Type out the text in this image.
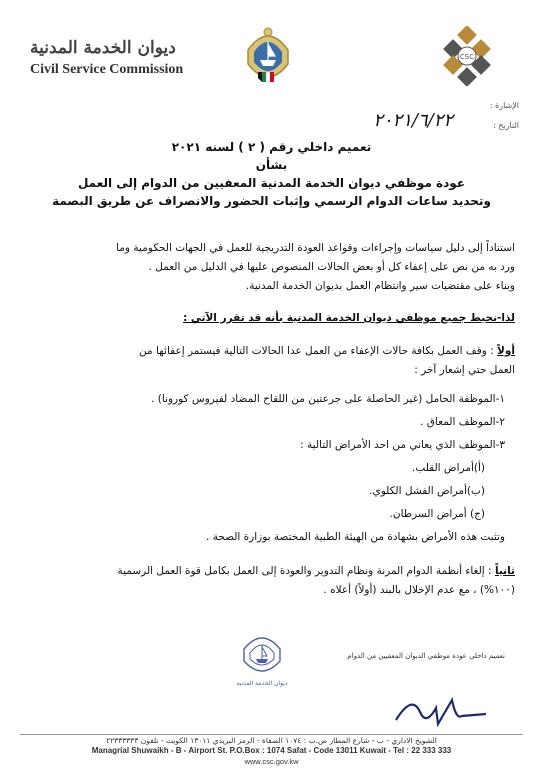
ديوان الخدمة المدنية
Civil Service Commission
CSC
الإشارة :
التاريخ :
٢٠٢١/٦/٢٢
تعميم داخلي رقم ( ٢ ) لسنه ٢٠٢١
بشأن
عودة موظفي ديوان الخدمة المدنية المعفيين من الدوام إلى العمل
وتحديد ساعات الدوام الرسمي وإثبات الحضور والانصراف عن طريق البصمة
استناداً إلى دليل سياسات وإجراءات وقواعد العودة التدريجية للعمل في الجهات الحكومية وما
ورد به من نص على إعفاء كل أو بعض الحالات المنصوص عليها في الدليل من العمل .
وبناء على مقتضيات سير وانتظام العمل بديوان الخدمة المدنية.
لذا-نحيط جميع موظفي ديوان الخدمة المدنية بأنه قد تقرر الآتي :
أولاً : وقف العمل بكافة حالات الإعفاء من العمل عدا الحالات التالية فيستمر إعفائها من
العمل حتي إشعار آخر :
١-الموظفة الحامل (غير الحاصلة على جرعتين من اللقاح المضاد لفيروس كورونا) .
٢-الموظف المعاق .
٣-الموظف الذي يعاني من احد الأمراض التالية :
(أ)أمراض القلب.
(ب)أمراض الفشل الكلوي.
(ج) أمراض السرطان.
وتثبت هذه الأمراض بشهادة من الهيئة الطبية المختصة بوزارة الصحة .
ثانياً : إلغاء أنظمة الدوام المرنة ونظام التدوير والعودة إلى العمل بكامل قوة العمل الرسمية
(١٠٠%) ، مع عدم الإخلال بالبند (أولاً) أعلاه .
تعميم داخلي عودة موظفي الديوان المعفيين من الدوام
ديوان الخدمة المدنية
الشويخ الاداري - ب - شارع المطار ص.ب : ١٠٧٤ الصفاة - الرمز البريدي ١٣٠١١ الكويت - تلفون ٢٢٣٣٣٣٣٣
Managrial Shuwaikh - B - Airport St. P.O.Box : 1074 Safat - Code 13011 Kuwait - Tel : 22 333 333
www.csc.gov.kw
